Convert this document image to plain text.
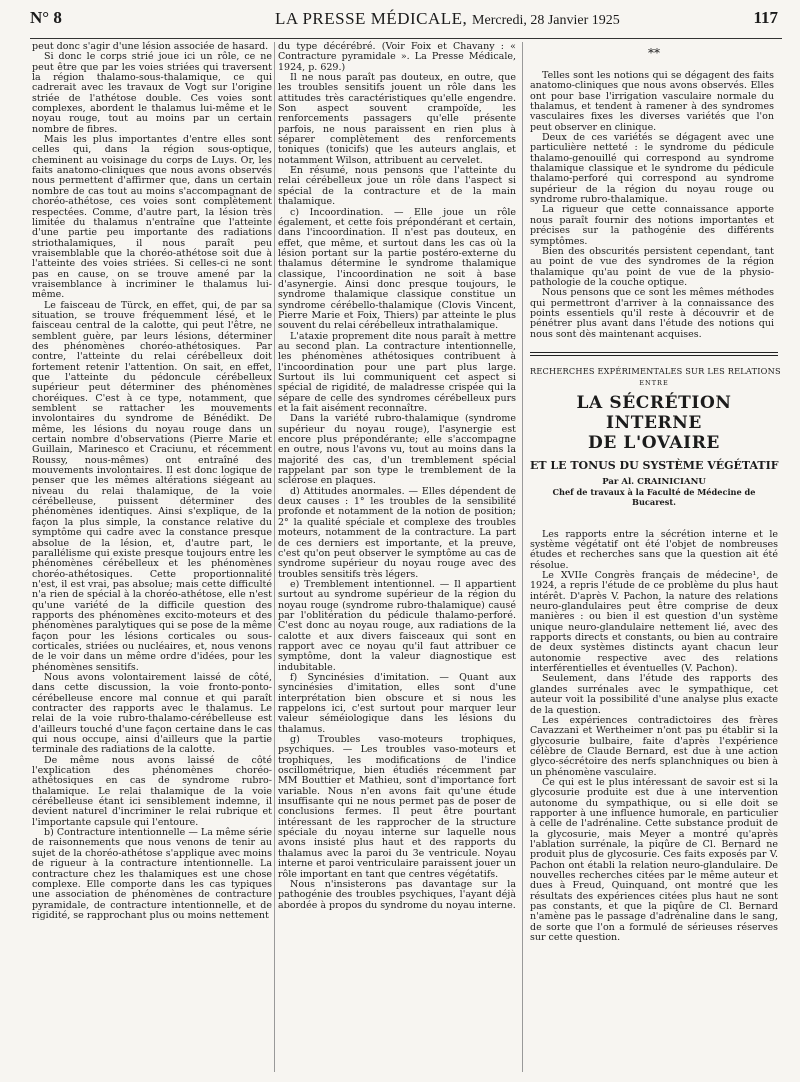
N° 8	LA PRESSE MÉDICALE, Mercredi, 28 Janvier 1925	117

peut donc s'agir d'une lésion associée de hasard.

Si donc le corps strié joue ici un rôle, ce ne peut être que par les voies striées qui traversent la région thalamo-sous-thalamique, ce qui cadrerait avec les travaux de Vogt sur l'origine striée de l'athétose double. Ces voies sont complexes, abordent le thalamus lui-même et le noyau rouge, tout au moins par un certain nombre de fibres.

Mais les plus importantes d'entre elles sont celles qui, dans la région sous-optique, cheminent au voisinage du corps de Luys. Or, les faits anatomo-cliniques que nous avons observés nous permettent d'affirmer que, dans un certain nombre de cas tout au moins s'accompagnant de choréo-athétose, ces voies sont complètement respectées. Comme, d'autre part, la lésion très limitée du thalamus n'entraîne que l'atteinte d'une partie peu importante des radiations striothalamiques, il nous paraît peu vraisemblable que la choréo-athétose soit due à l'atteinte des voies striées. Si celles-ci ne sont pas en cause, on se trouve amené par la vraisemblance à incriminer le thalamus lui-même.

Le faisceau de Türck, en effet, qui, de par sa situation, se trouve fréquemment lésé, et le faisceau central de la calotte, qui peut l'être, ne semblent guère, par leurs lésions, déterminer des phénomènes choréo-athétosiques. Par contre, l'atteinte du relai cérébelleux doit fortement retenir l'attention. On sait, en effet, que l'atteinte du pédoncule cérébelleux supérieur peut déterminer des phénomènes choréiques. C'est à ce type, notamment, que semblent se rattacher les mouvements involontaires du syndrome de Bénédikt. De même, les lésions du noyau rouge dans un certain nombre d'observations (Pierre Marie et Guillain, Marinesco et Craciunu, et récemment Roussy, nous-mêmes) ont entraîné des mouvements involontaires. Il est donc logique de penser que les mêmes altérations siégeant au niveau du relai thalamique, de la voie cérébelleuse, puissent déterminer des phénomènes identiques. Ainsi s'explique, de la façon la plus simple, la constance relative du symptôme qui cadre avec la constance presque absolue de la lésion, et, d'autre part, le parallélisme qui existe presque toujours entre les phénomènes cérébelleux et les phénomènes choréo-athétosiques. Cette proportionnalité n'est, il est vrai, pas absolue; mais cette difficulté n'a rien de spécial à la choréo-athétose, elle n'est qu'une variété de la difficile question des rapports des phénomènes excito-moteurs et des phénomènes paralytiques qui se pose de la même façon pour les lésions corticales ou sous-corticales, striées ou nucléaires, et, nous venons de le voir dans un même ordre d'idées, pour les phénomènes sensitifs.

Nous avons volontairement laissé de côté, dans cette discussion, la voie fronto-ponto-cérébelleuse encore mal connue et qui paraît contracter des rapports avec le thalamus. Le relai de la voie rubro-thalamo-cérébelleuse est d'ailleurs touché d'une façon certaine dans le cas qui nous occupe, ainsi d'ailleurs que la partie terminale des radiations de la calotte.

De même nous avons laissé de côté l'explication des phénomènes choréo-athétosiques en cas de syndrome rubro-thalamique. Le relai thalamique de la voie cérébelleuse étant ici sensiblement indemne, il devient naturel d'incriminer le relai rubrique et l'importante capsule qui l'entoure.

b) Contracture intentionnelle — La même série de raisonnements que nous venons de tenir au sujet de la choréo-athétose s'applique avec moins de rigueur à la contracture intentionnelle. La contracture chez les thalamiques est une chose complexe. Elle comporte dans les cas typiques une association de phénomènes de contracture pyramidale, de contracture intentionnelle, et de rigidité, se rapprochant plus ou moins nettement

du type décérébré. (Voir Foix et Chavany : « Contracture pyramidale ». La Presse Médicale, 1924, p. 629.)

Il ne nous paraît pas douteux, en outre, que les troubles sensitifs jouent un rôle dans les attitudes très caractéristiques qu'elle engendre. Son aspect souvent crampoïde, les renforcements passagers qu'elle présente parfois, ne nous paraissent en rien plus à séparer complètement des renforcements toniques (tonicifs) que les auteurs anglais, et notamment Wilson, attribuent au cervelet.

En résumé, nous pensons que l'atteinte du relai cérébelleux joue un rôle dans l'aspect si spécial de la contracture et de la main thalamique.

c) Incoordination. — Elle joue un rôle également, et cette fois prépondérant et certain, dans l'incoordination. Il n'est pas douteux, en effet, que même, et surtout dans les cas où la lésion portant sur la partie postéro-externe du thalamus détermine le syndrome thalamique classique, l'incoordination ne soit à base d'asynergie. Ainsi donc presque toujours, le syndrome thalamique classique constitue un syndrome cérébello-thalamique (Clovis Vincent, Pierre Marie et Foix, Thiers) par atteinte le plus souvent du relai cérébelleux intrathalamique.

L'ataxie proprement dite nous paraît à mettre au second plan. La contracture intentionnelle, les phénomènes athétosiques contribuent à l'incoordination pour une part plus large. Surtout ils lui communiquent cet aspect si spécial de rigidité, de maladresse crispée qui la sépare de celle des syndromes cérébelleux purs et la fait aisément reconnaître.

Dans la variété rubro-thalamique (syndrome supérieur du noyau rouge), l'asynergie est encore plus prépondérante; elle s'accompagne en outre, nous l'avons vu, tout au moins dans la majorité des cas, d'un tremblement spécial rappelant par son type le tremblement de la sclérose en plaques.

d) Attitudes anormales. — Elles dépendent de deux causes : 1° les troubles de la sensibilité profonde et notamment de la notion de position; 2° la qualité spéciale et complexe des troubles moteurs, notamment de la contracture. La part de ces derniers est importante, et la preuve, c'est qu'on peut observer le symptôme au cas de syndrome supérieur du noyau rouge avec des troubles sensitifs très légers.

e) Tremblement intentionnel. — Il appartient surtout au syndrome supérieur de la région du noyau rouge (syndrome rubro-thalamique) causé par l'oblitération du pédicule thalamo-perforé. C'est donc au noyau rouge, aux radiations de la calotte et aux divers faisceaux qui sont en rapport avec ce noyau qu'il faut attribuer ce symptôme, dont la valeur diagnostique est indubitable.

f) Syncinésies d'imitation. — Quant aux syncinésies d'imitation, elles sont d'une interprétation bien obscure et si nous les rappelons ici, c'est surtout pour marquer leur valeur séméiologique dans les lésions du thalamus.

g) Troubles vaso-moteurs trophiques, psychiques. — Les troubles vaso-moteurs et trophiques, les modifications de l'indice oscillométrique, bien étudiés récemment par MM Bouttier et Mathieu, sont d'importance fort variable. Nous n'en avons fait qu'une étude insuffisante qui ne nous permet pas de poser de conclusions fermes. Il peut être pourtant intéressant de les rapprocher de la structure spéciale du noyau interne sur laquelle nous avons insisté plus haut et des rapports du thalamus avec la paroi du 3e ventricule. Noyau interne et paroi ventriculaire paraissent jouer un rôle important en tant que centres végétatifs.

Nous n'insisterons pas davantage sur la pathogénie des troubles psychiques, l'ayant déjà abordée à propos du syndrome du noyau interne.

**

Telles sont les notions qui se dégagent des faits anatomo-cliniques que nous avons observés. Elles ont pour base l'irrigation vasculaire normale du thalamus, et tendent à ramener à des syndromes vasculaires fixes les diverses variétés que l'on peut observer en clinique.

Deux de ces variétés se dégagent avec une particulière netteté : le syndrome du pédicule thalamo-genouillé qui correspond au syndrome thalamique classique et le syndrome du pédicule thalamo-perforé qui correspond au syndrome supérieur de la région du noyau rouge ou syndrome rubro-thalamique.

La rigueur que cette connaissance apporte nous paraît fournir des notions importantes et précises sur la pathogénie des différents symptômes.

Bien des obscurités persistent cependant, tant au point de vue des syndromes de la région thalamique qu'au point de vue de la physio-pathologie de la couche optique.

Nous pensons que ce sont les mêmes méthodes qui permettront d'arriver à la connaissance des points essentiels qu'il reste à découvrir et de pénétrer plus avant dans l'étude des notions qui nous sont dès maintenant acquises.

RECHERCHES EXPÉRIMENTALES SUR LES RELATIONS
ENTRE
LA SÉCRÉTION INTERNE
DE L'OVAIRE
ET LE TONUS DU SYSTÈME VÉGÉTATIF
Par Al. CRAINICIANU
Chef de travaux à la Faculté de Médecine de Bucarest.

Les rapports entre la sécrétion interne et le système végétatif ont été l'objet de nombreuses études et recherches sans que la question ait été résolue.

Le XVIIe Congrès français de médecine¹, de 1924, a repris l'étude de ce problème du plus haut intérêt. D'après V. Pachon, la nature des relations neuro-glandulaires peut être comprise de deux manières : ou bien il est question d'un système unique neuro-glandulaire nettement lié, avec des rapports directs et constants, ou bien au contraire de deux systèmes distincts ayant chacun leur autonomie respective avec des relations interférentielles et éventuelles (V. Pachon).

Seulement, dans l'étude des rapports des glandes surrénales avec le sympathique, cet auteur voit la possibilité d'une analyse plus exacte de la question.

Les expériences contradictoires des frères Cavazzani et Wertheimer n'ont pas pu établir si la glycosurie bulbaire, faite d'après l'expérience célèbre de Claude Bernard, est due à une action glyco-sécrétoire des nerfs splanchniques ou bien à un phénomène vasculaire.

Ce qui est le plus intéressant de savoir est si la glycosurie produite est due à une intervention autonome du sympathique, ou si elle doit se rapporter à une influence humorale, en particulier à celle de l'adrénaline. Cette substance produit de la glycosurie, mais Meyer a montré qu'après l'ablation surrénale, la piqûre de Cl. Bernard ne produit plus de glycosurie. Ces faits exposés par V. Pachon ont établi la relation neuro-glandulaire. De nouvelles recherches citées par le même auteur et dues à Freud, Quinquand, ont montré que les résultats des expériences citées plus haut ne sont pas constants, et que la piqûre de Cl. Bernard n'amène pas le passage d'adrénaline dans le sang, de sorte que l'on a formulé de sérieuses réserves sur cette question.
